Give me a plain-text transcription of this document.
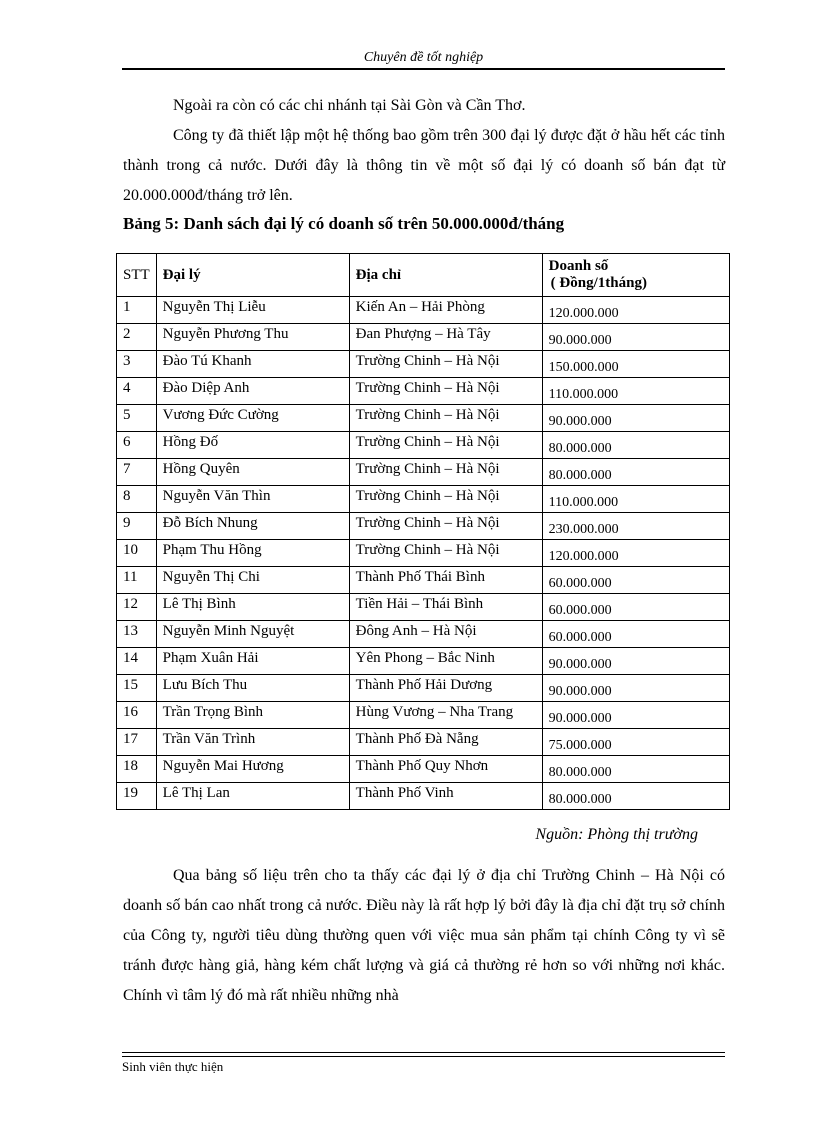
Chuyên đề tốt nghiệp

Ngoài ra còn có các chi nhánh tại Sài Gòn và Cần Thơ.

Công ty đã thiết lập một hệ thống bao gồm trên 300 đại lý được đặt ở hầu hết các tỉnh thành trong cả nước. Dưới đây là thông tin về một số đại lý có doanh số bán đạt từ 20.000.000đ/tháng trở lên.

Bảng 5: Danh sách đại lý có doanh số trên 50.000.000đ/tháng

STT	Đại lý	Địa chỉ	Doanh số
( Đồng/1tháng)

1	Nguyễn Thị Liễu	Kiến An – Hải Phòng	120.000.000
2	Nguyễn Phương Thu	Đan Phượng – Hà Tây	90.000.000
3	Đào Tú Khanh	Trường Chinh – Hà Nội	150.000.000
4	Đào Diệp Anh	Trường Chinh – Hà Nội	110.000.000
5	Vương Đức Cường	Trường Chinh – Hà Nội	90.000.000
6	Hồng Đố	Trường Chinh – Hà Nội	80.000.000
7	Hồng Quyên	Trường Chinh – Hà Nội	80.000.000
8	Nguyễn Văn Thìn	Trường Chinh – Hà Nội	110.000.000
9	Đỗ Bích Nhung	Trường Chinh – Hà Nội	230.000.000
10	Phạm Thu Hồng	Trường Chinh – Hà Nội	120.000.000
11	Nguyễn Thị Chi	Thành Phố Thái Bình	60.000.000
12	Lê Thị Bình	Tiền Hải – Thái Bình	60.000.000
13	Nguyễn Minh Nguyệt	Đông Anh – Hà Nội	60.000.000
14	Phạm Xuân Hải	Yên Phong – Bắc Ninh	90.000.000
15	Lưu Bích Thu	Thành Phố Hải Dương	90.000.000
16	Trần Trọng Bình	Hùng Vương – Nha Trang	90.000.000
17	Trần Văn Trình	Thành Phố Đà Nẵng	75.000.000
18	Nguyễn Mai Hương	Thành Phố Quy Nhơn	80.000.000
19	Lê Thị Lan	Thành Phố Vinh	80.000.000

Nguồn: Phòng thị trường

Qua bảng số liệu trên cho ta thấy các đại lý ở địa chỉ Trường Chinh – Hà Nội có doanh số bán cao nhất trong cả nước. Điều này là rất hợp lý bởi đây là địa chỉ đặt trụ sở chính của Công ty, người tiêu dùng thường quen với việc mua sản phẩm tại chính Công ty vì sẽ tránh được hàng giả, hàng kém chất lượng và giá cả thường rẻ hơn so với những nơi khác. Chính vì tâm lý đó mà rất nhiều những nhà

Sinh viên thực hiện
